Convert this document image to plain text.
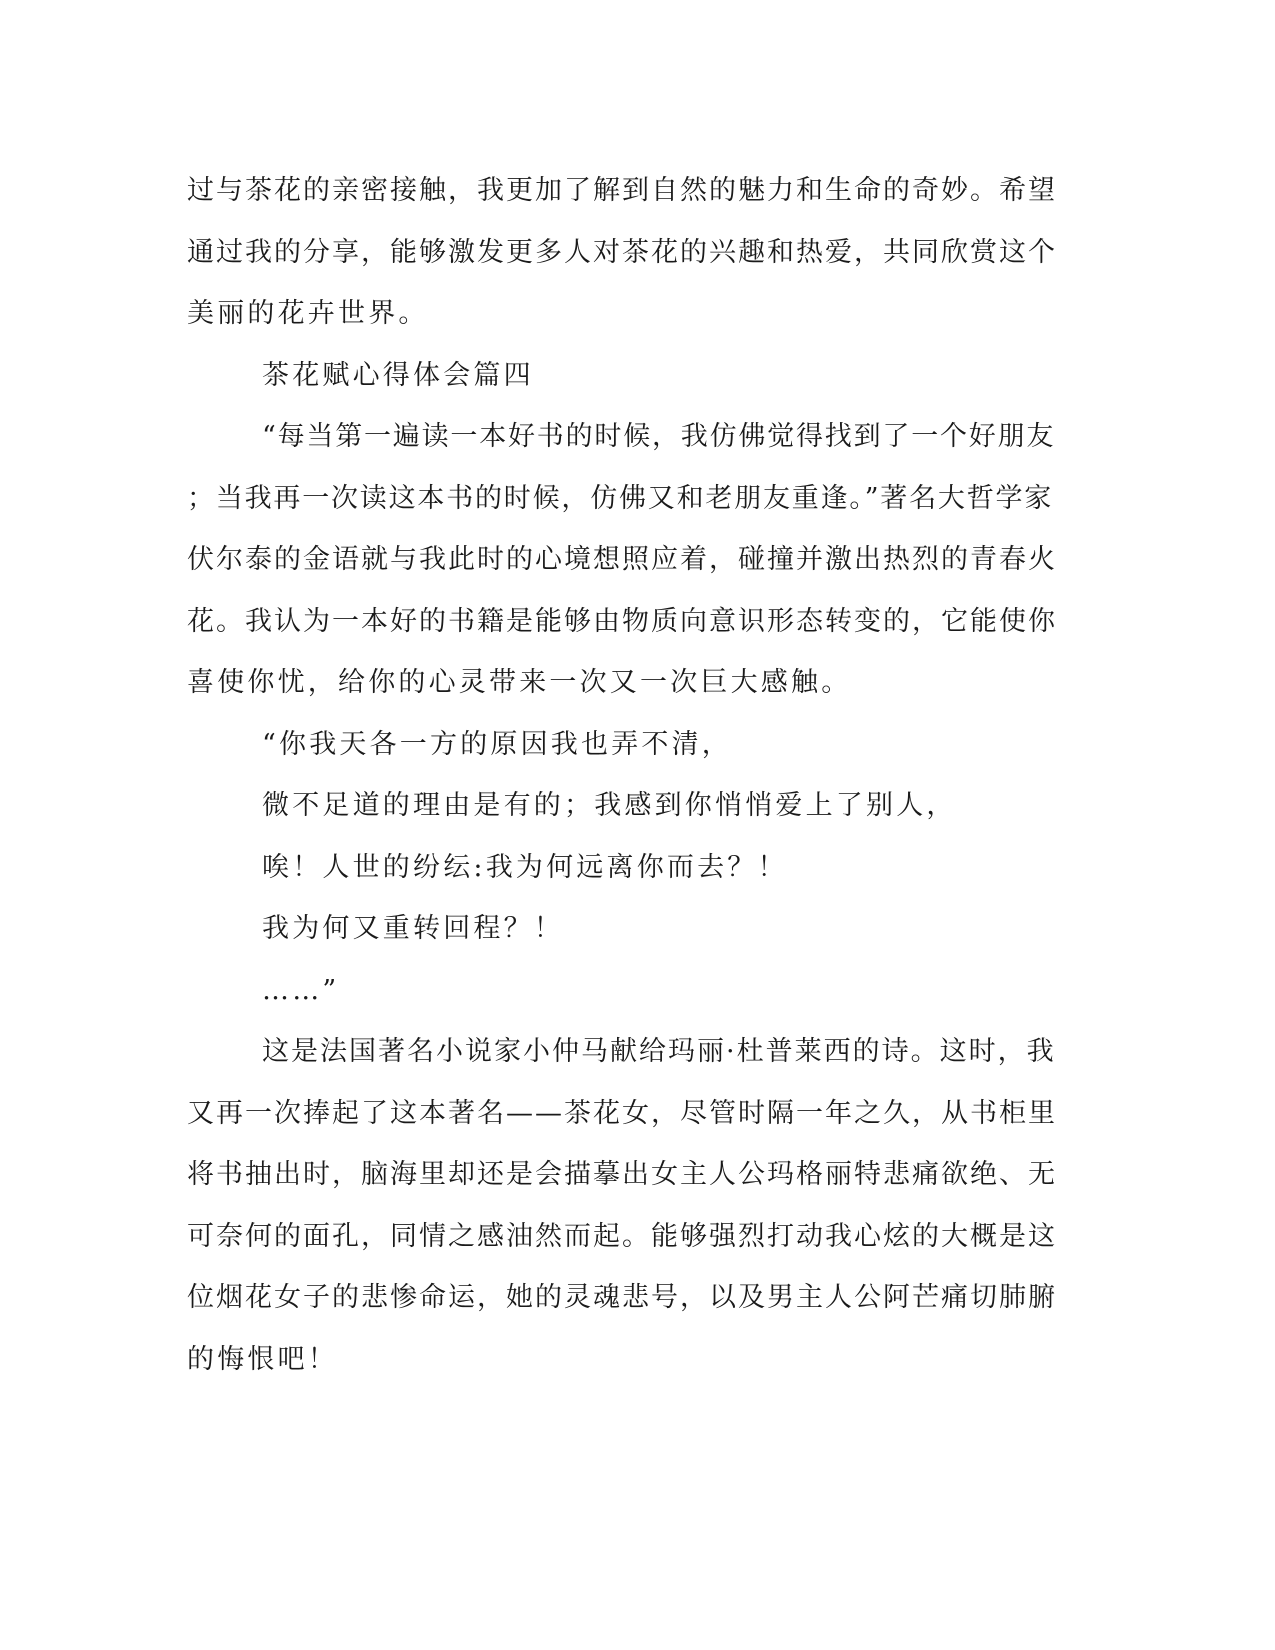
过与茶花的亲密接触，我更加了解到自然的魅力和生命的奇妙。希望
通过我的分享，能够激发更多人对茶花的兴趣和热爱，共同欣赏这个
美丽的花卉世界。
茶花赋心得体会篇四
“每当第一遍读一本好书的时候，我仿佛觉得找到了一个好朋友
；当我再一次读这本书的时候，仿佛又和老朋友重逢。”著名大哲学家
伏尔泰的金语就与我此时的心境想照应着，碰撞并激出热烈的青春火
花。我认为一本好的书籍是能够由物质向意识形态转变的，它能使你
喜使你忧，给你的心灵带来一次又一次巨大感触。
“你我天各一方的原因我也弄不清，
微不足道的理由是有的；我感到你悄悄爱上了别人，
唉！人世的纷纭:我为何远离你而去？！
我为何又重转回程？！
……”
这是法国著名小说家小仲马献给玛丽·杜普莱西的诗。这时，我
又再一次捧起了这本著名——茶花女，尽管时隔一年之久，从书柜里
将书抽出时，脑海里却还是会描摹出女主人公玛格丽特悲痛欲绝、无
可奈何的面孔，同情之感油然而起。能够强烈打动我心炫的大概是这
位烟花女子的悲惨命运，她的灵魂悲号，以及男主人公阿芒痛切肺腑
的悔恨吧！
